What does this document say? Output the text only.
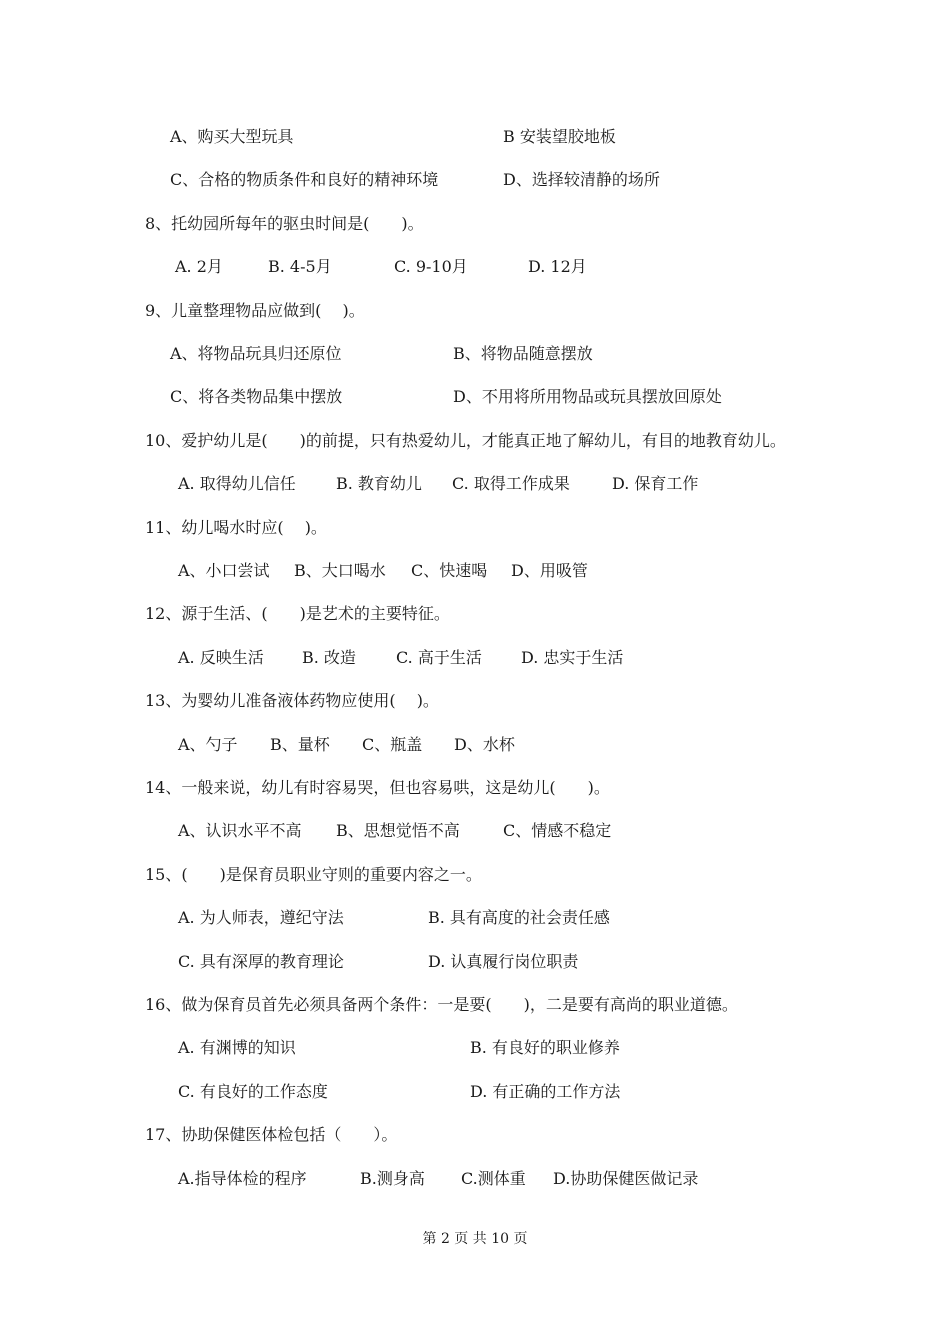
A、购买大型玩具	B 安装望胶地板
C、合格的物质条件和良好的精神环境	D、选择较清静的场所
8、托幼园所每年的驱虫时间是(　　)。
A. 2月	B. 4-5月	C. 9-10月	D. 12月
9、儿童整理物品应做到(　 )。
A、将物品玩具归还原位	B、将物品随意摆放
C、将各类物品集中摆放	D、不用将所用物品或玩具摆放回原处
10、爱护幼儿是(　　)的前提，只有热爱幼儿，才能真正地了解幼儿，有目的地教育幼儿。
A. 取得幼儿信任	B. 教育幼儿 C. 取得工作成果	D. 保育工作
11、幼儿喝水时应(　 )。
A、小口尝试 B、大口喝水 C、快速喝 D、用吸管
12、源于生活、(　　)是艺术的主要特征。
A. 反映生活 B. 改造	C. 高于生活 D. 忠实于生活
13、为婴幼儿准备液体药物应使用(　 )。
A、勺子 B、量杯 C、瓶盖 D、水杯
14、一般来说，幼儿有时容易哭，但也容易哄，这是幼儿(　　)。
A、认识水平不高 B、思想觉悟不高	C、情感不稳定
15、(　　)是保育员职业守则的重要内容之一。
A. 为人师表，遵纪守法	B. 具有高度的社会责任感
C. 具有深厚的教育理论	D. 认真履行岗位职责
16、做为保育员首先必须具备两个条件：一是要(　　)，二是要有高尚的职业道德。
A. 有渊博的知识	B. 有良好的职业修养
C. 有良好的工作态度	D. 有正确的工作方法
17、协助保健医体检包括（　　）。
A.指导体检的程序	B.测身高 C.测体重 D.协助保健医做记录
第 2 页 共 10 页
